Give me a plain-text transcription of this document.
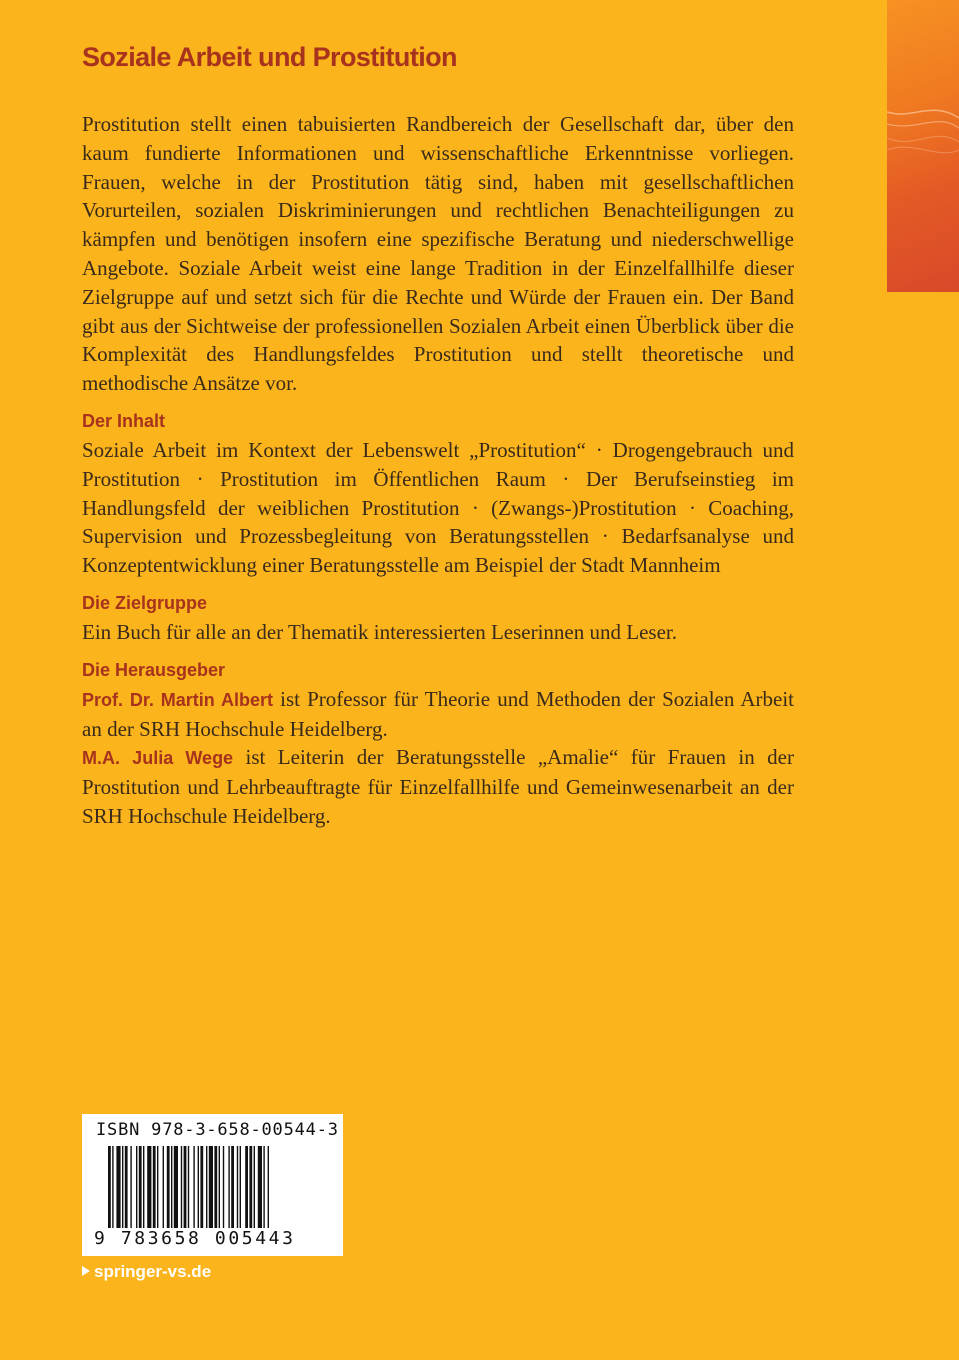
Soziale Arbeit und Prostitution

Prostitution stellt einen tabuisierten Randbereich der Gesellschaft dar, über den kaum fundierte Informationen und wissenschaftliche Erkenntnisse vorliegen. Frauen, welche in der Prostitution tätig sind, haben mit gesellschaftlichen Vorurteilen, sozialen Diskriminierungen und rechtlichen Benachteiligungen zu kämpfen und benötigen insofern eine spezifische Beratung und niederschwellige Angebote. Soziale Arbeit weist eine lange Tradition in der Einzelfallhilfe dieser Zielgruppe auf und setzt sich für die Rechte und Würde der Frauen ein. Der Band gibt aus der Sichtweise der professionellen Sozialen Arbeit einen Überblick über die Komplexität des Handlungsfeldes Prostitution und stellt theoretische und methodische Ansätze vor.

Der Inhalt

Soziale Arbeit im Kontext der Lebenswelt „Prostitution“ · Drogengebrauch und Prostitution · Prostitution im Öffentlichen Raum · Der Berufseinstieg im Handlungsfeld der weiblichen Prostitution · (Zwangs-)Prostitution · Coaching, Supervision und Prozessbegleitung von Beratungsstellen · Bedarfsanalyse und Konzeptentwicklung einer Beratungsstelle am Beispiel der Stadt Mannheim

Die Zielgruppe

Ein Buch für alle an der Thematik interessierten Leserinnen und Leser.

Die Herausgeber

Prof. Dr. Martin Albert ist Professor für Theorie und Methoden der Sozialen Arbeit an der SRH Hochschule Heidelberg.

M.A. Julia Wege ist Leiterin der Beratungsstelle „Amalie“ für Frauen in der Prostitution und Lehrbeauftragte für Einzelfallhilfe und Gemeinwesenarbeit an der SRH Hochschule Heidelberg.

ISBN 978-3-658-00544-3
9 783658 005443
springer-vs.de
